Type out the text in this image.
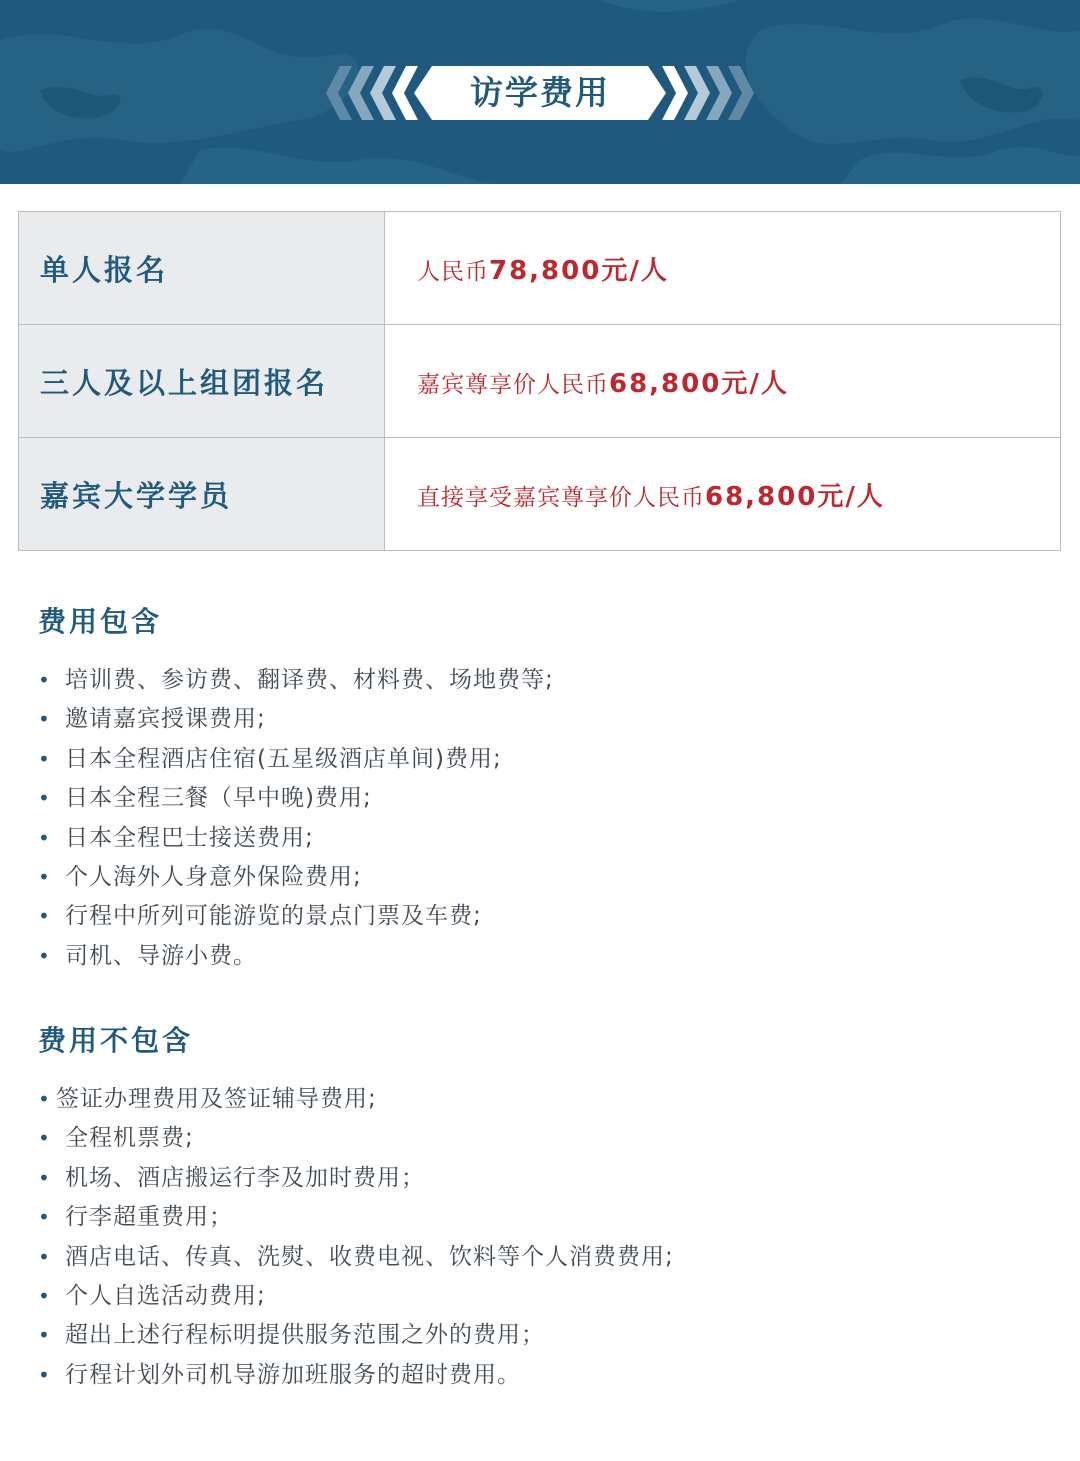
访学费用
单人报名	人民币78,800元/人
三人及以上组团报名	嘉宾尊享价人民币68,800元/人
嘉宾大学学员	直接享受嘉宾尊享价人民币68,800元/人
费用包含
• 培训费、参访费、翻译费、材料费、场地费等;
• 邀请嘉宾授课费用;
• 日本全程酒店住宿(五星级酒店单间)费用;
• 日本全程三餐（早中晚)费用;
• 日本全程巴士接送费用;
• 个人海外人身意外保险费用;
• 行程中所列可能游览的景点门票及车费;
• 司机、导游小费。
费用不包含
• 签证办理费用及签证辅导费用;
• 全程机票费;
• 机场、酒店搬运行李及加时费用；
• 行李超重费用；
• 酒店电话、传真、洗熨、收费电视、饮料等个人消费费用;
• 个人自选活动费用;
• 超出上述行程标明提供服务范围之外的费用；
• 行程计划外司机导游加班服务的超时费用。
